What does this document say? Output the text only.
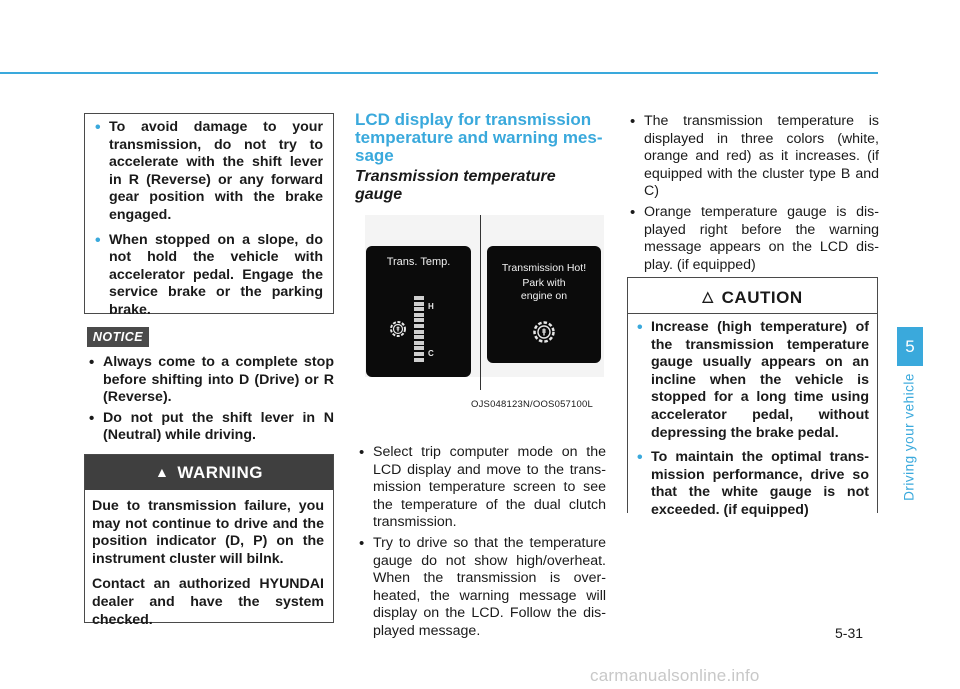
• To avoid damage to your transmission, do not try to accelerate with the shift lever in R (Reverse) or any forward gear position with the brake engaged.
• When stopped on a slope, do not hold the vehicle with accelerator pedal. Engage the service brake or the parking brake.
NOTICE
• Always come to a complete stop before shifting into D (Drive) or R (Reverse).
• Do not put the shift lever in N (Neutral) while driving.
▲ WARNING

Due to transmission failure, you may not continue to drive and the position indicator (D, P) on the instrument cluster will bilnk.

Contact an authorized HYUNDAI dealer and have the system checked.

LCD display for transmission temperature and warning mes-sage
Transmission temperature gauge
Trans. Temp.
H
C
Transmission Hot!
Park with
engine on
OJS048123N/OOS057100L
• Select trip computer mode on the LCD display and move to the trans-mission temperature screen to see the temperature of the dual clutch transmission.
• Try to drive so that the temperature gauge do not show high/overheat. When the transmission is over-heated, the warning message will display on the LCD. Follow the dis-played message.
• The transmission temperature is displayed in three colors (white, orange and red) as it increases. (if equipped with the cluster type B and C)
• Orange temperature gauge is dis-played right before the warning message appears on the LCD dis-play. (if equipped)
△ CAUTION
• Increase (high temperature) of the transmission temperature gauge usually appears on an incline when the vehicle is stopped for a long time using accelerator pedal, without depressing the brake pedal.
• To maintain the optimal trans-mission performance, drive so that the white gauge is not exceeded. (if equipped)
5
Driving your vehicle
5-31
carmanualsonline.info
